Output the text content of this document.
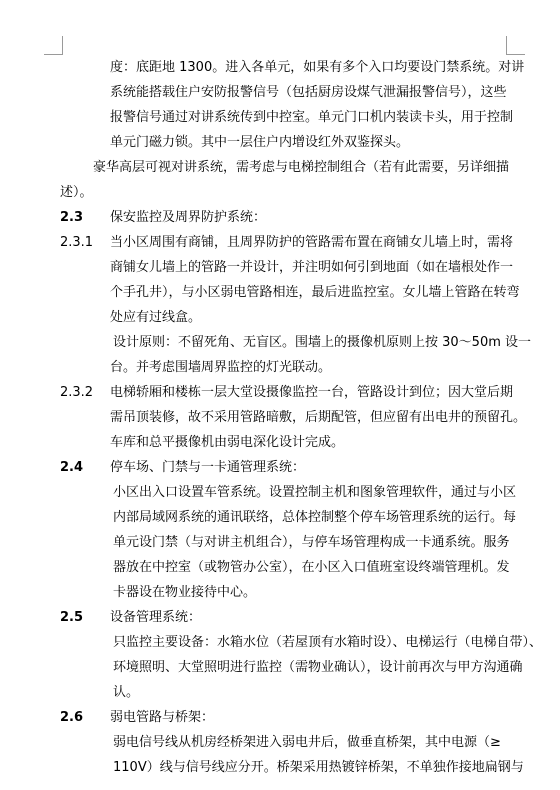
度：底距地 1300。进入各单元，如果有多个入口均要设门禁系统。对讲
系统能搭载住户安防报警信号（包括厨房设煤气泄漏报警信号），这些
报警信号通过对讲系统传到中控室。单元门口机内装读卡头，用于控制
单元门磁力锁。其中一层住户内增设红外双鉴探头。
豪华高层可视对讲系统，需考虑与电梯控制组合（若有此需要，另详细描
述）。
2.3 保安监控及周界防护系统：
2.3.1 当小区周围有商铺，且周界防护的管路需布置在商铺女儿墙上时，需将
商铺女儿墙上的管路一并设计，并注明如何引到地面（如在墙根处作一
个手孔井），与小区弱电管路相连，最后进监控室。女儿墙上管路在转弯
处应有过线盒。
设计原则：不留死角、无盲区。围墙上的摄像机原则上按 30～50m 设一
台。并考虑围墙周界监控的灯光联动。
2.3.2 电梯轿厢和楼栋一层大堂设摄像监控一台，管路设计到位；因大堂后期
需吊顶装修，故不采用管路暗敷，后期配管，但应留有出电井的预留孔。
车库和总平摄像机由弱电深化设计完成。
2.4 停车场、门禁与一卡通管理系统：
小区出入口设置车管系统。设置控制主机和图象管理软件，通过与小区
内部局域网系统的通讯联络，总体控制整个停车场管理系统的运行。每
单元设门禁（与对讲主机组合），与停车场管理构成一卡通系统。服务
器放在中控室（或物管办公室），在小区入口值班室设终端管理机。发
卡器设在物业接待中心。
2.5 设备管理系统：
只监控主要设备：水箱水位（若屋顶有水箱时设）、电梯运行（电梯自带）、
环境照明、大堂照明进行监控（需物业确认），设计前再次与甲方沟通确
认。
2.6 弱电管路与桥架：
弱电信号线从机房经桥架进入弱电井后，做垂直桥架，其中电源（≥
110V）线与信号线应分开。桥架采用热镀锌桥架，不单独作接地扁钢与
